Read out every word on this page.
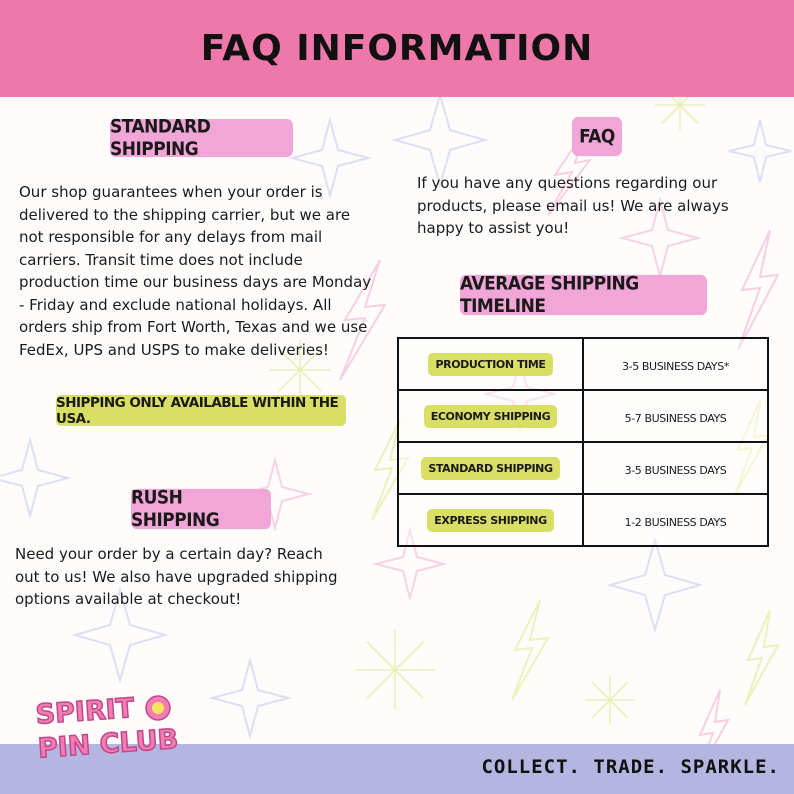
FAQ INFORMATION
STANDARD SHIPPING
Our shop guarantees when your order is delivered to the shipping carrier, but we are not responsible for any delays from mail carriers. Transit time does not include production time our business days are Monday - Friday and exclude national holidays. All orders ship from Fort Worth, Texas and we use FedEx, UPS and USPS to make deliveries!
SHIPPING ONLY AVAILABLE WITHIN THE USA.
RUSH SHIPPING
Need your order by a certain day? Reach out to us! We also have upgraded shipping options available at checkout!
FAQ
If you have any questions regarding our products, please email us! We are always happy to assist you!
AVERAGE SHIPPING TIMELINE
PRODUCTION TIME	3-5 BUSINESS DAYS*
ECONOMY SHIPPING	5-7 BUSINESS DAYS
STANDARD SHIPPING	3-5 BUSINESS DAYS
EXPRESS SHIPPING	1-2 BUSINESS DAYS
COLLECT. TRADE. SPARKLE.
SPIRIT
PIN CLUB
